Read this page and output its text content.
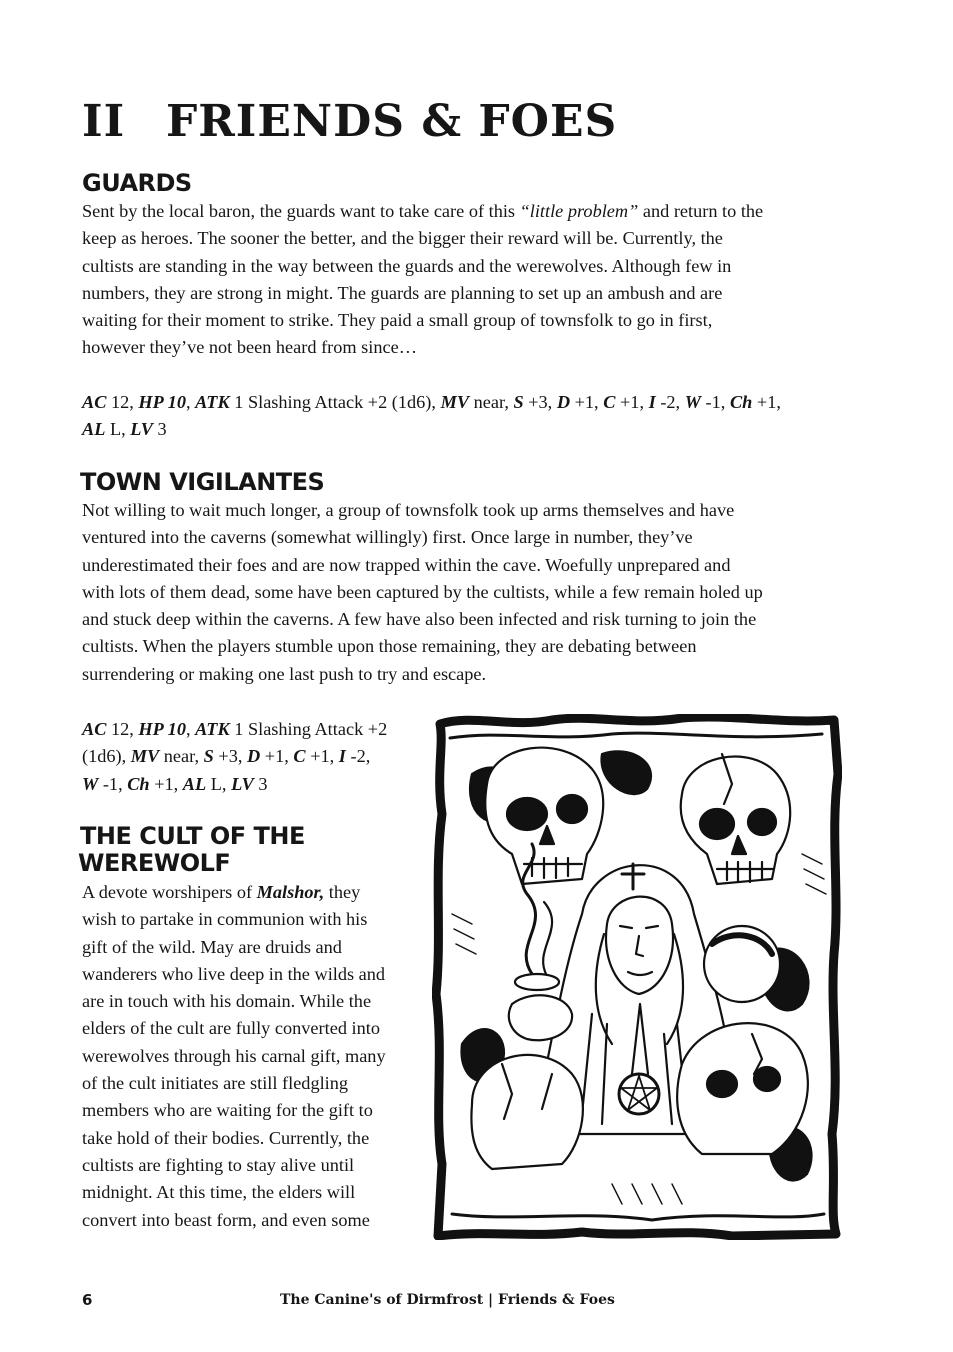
II FRIENDS & FOES
GUARDS

Sent by the local baron, the guards want to take care of this “little problem” and return to the
keep as heroes. The sooner the better, and the bigger their reward will be. Currently, the
cultists are standing in the way between the guards and the werewolves. Although few in
numbers, they are strong in might. The guards are planning to set up an ambush and are
waiting for their moment to strike. They paid a small group of townsfolk to go in first,
however they’ve not been heard from since…

AC 12, HP 10, ATK 1 Slashing Attack +2 (1d6), MV near, S +3, D +1, C +1, I -2, W -1, Ch +1,
AL L, LV 3

TOWN VIGILANTES

Not willing to wait much longer, a group of townsfolk took up arms themselves and have
ventured into the caverns (somewhat willingly) first. Once large in number, they’ve
underestimated their foes and are now trapped within the cave. Woefully unprepared and
with lots of them dead, some have been captured by the cultists, while a few remain holed up
and stuck deep within the caverns. A few have also been infected and risk turning to join the
cultists. When the players stumble upon those remaining, they are debating between
surrendering or making one last push to try and escape.

AC 12, HP 10, ATK 1 Slashing Attack +2
(1d6), MV near, S +3, D +1, C +1, I -2,
W -1, Ch +1, AL L, LV 3

THE CULT OF THE
WEREWOLF

A devote worshipers of Malshor, they
wish to partake in communion with his
gift of the wild. May are druids and
wanderers who live deep in the wilds and
are in touch with his domain. While the
elders of the cult are fully converted into
werewolves through his carnal gift, many
of the cult initiates are still fledgling
members who are waiting for the gift to
take hold of their bodies. Currently, the
cultists are fighting to stay alive until
midnight. At this time, the elders will
convert into beast form, and even some

6	The Canine's of Dirmfrost | Friends & Foes
